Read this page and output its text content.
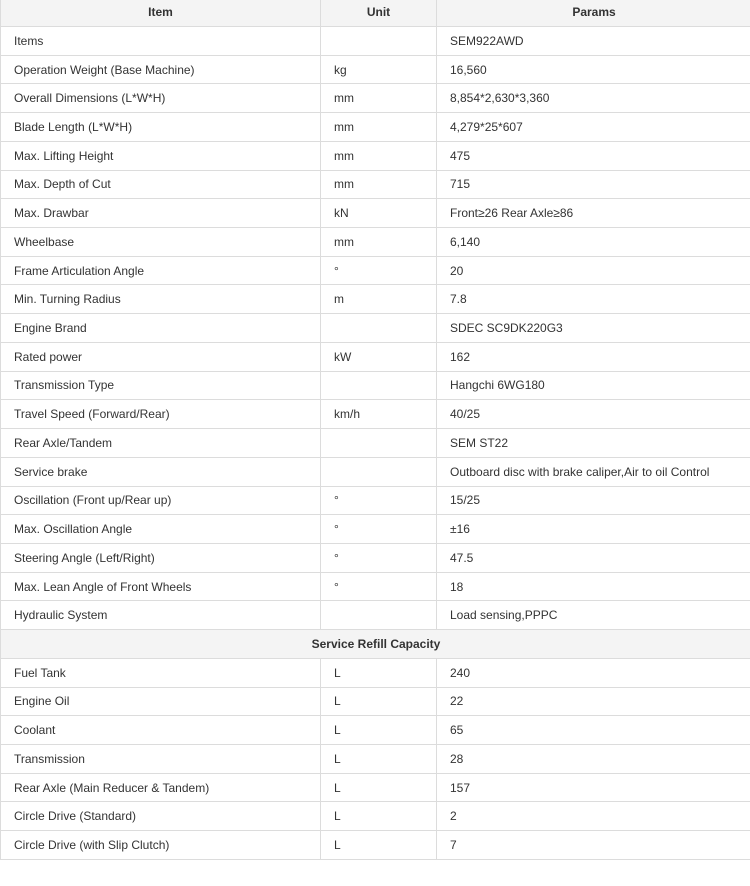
Item	Unit	Params
Items		SEM922AWD
Operation Weight (Base Machine)	kg	16,560
Overall Dimensions (L*W*H)	mm	8,854*2,630*3,360
Blade Length (L*W*H)	mm	4,279*25*607
Max. Lifting Height	mm	475
Max. Depth of Cut	mm	715
Max. Drawbar	kN	Front≥26 Rear Axle≥86
Wheelbase	mm	6,140
Frame Articulation Angle	°	20
Min. Turning Radius	m	7.8
Engine Brand		SDEC SC9DK220G3
Rated power	kW	162
Transmission Type		Hangchi 6WG180
Travel Speed (Forward/Rear)	km/h	40/25
Rear Axle/Tandem		SEM ST22
Service brake		Outboard disc with brake caliper,Air to oil Control
Oscillation (Front up/Rear up)	°	15/25
Max. Oscillation Angle	°	±16
Steering Angle (Left/Right)	°	47.5
Max. Lean Angle of Front Wheels	°	18
Hydraulic System		Load sensing,PPPC
Service Refill Capacity		
Fuel Tank	L	240
Engine Oil	L	22
Coolant	L	65
Transmission	L	28
Rear Axle (Main Reducer & Tandem)	L	157
Circle Drive (Standard)	L	2
Circle Drive (with Slip Clutch)	L	7
